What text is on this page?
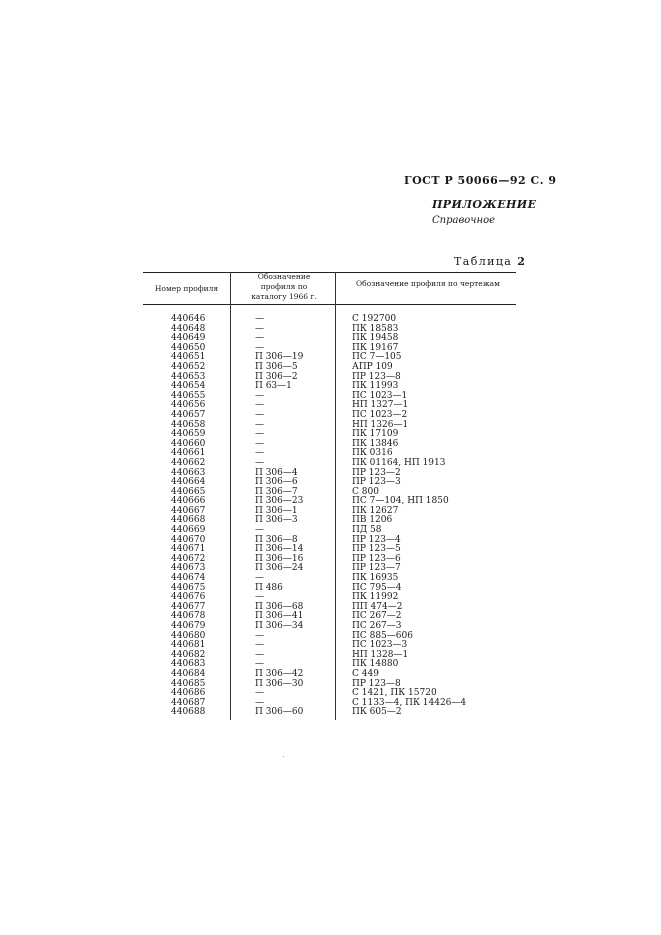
ГОСТ Р 50066—92 С. 9
ПРИЛОЖЕНИЕ
Справочное
Таблица 2
Номер профиля
Обозначение профиля по каталогу 1966 г.
Обозначение профиля по чертежам
440646	—	С 192700
440648	—	ПК 18583
440649	—	ПК 19458
440650	—	ПК 19167
440651	П 306—19	ПС 7—105
440652	П 306—5	АПР 109
440653	П 306—2	ПР 123—8
440654	П 63—1	ПК 11993
440655	—	ПС 1023—1
440656	—	НП 1327—1
440657	—	ПС 1023—2
440658	—	НП 1326—1
440659	—	ПК 17109
440660	—	ПК 13846
440661	—	ПК 0316
440662	—	ПК 01164, НП 1913
440663	П 306—4	ПР 123—2
440664	П 306—6	ПР 123—3
440665	П 306—7	С 800
440666	П 306—23	ПС 7—104, НП 1850
440667	П 306—1	ПК 12627
440668	П 306—3	ПВ 1206
440669	—	ПД 58
440670	П 306—8	ПР 123—4
440671	П 306—14	ПР 123—5
440672	П 306—16	ПР 123—6
440673	П 306—24	ПР 123—7
440674	—	ПК 16935
440675	П 486	ПС 795—4
440676	—	ПК 11992
440677	П 306—68	ПП 474—2
440678	П 306—41	ПС 267—2
440679	П 306—34	ПС 267—3
440680	—	ПС 885—606
440681	—	ПС 1023—3
440682	—	НП 1328—1
440683	—	ПК 14880
440684	П 306—42	С 449
440685	П 306—30	ПР 123—8
440686	—	С 1421, ПК 15720
440687	—	С 1133—4, ПК 14426—4
440688	П 306—60	ПК 605—2
